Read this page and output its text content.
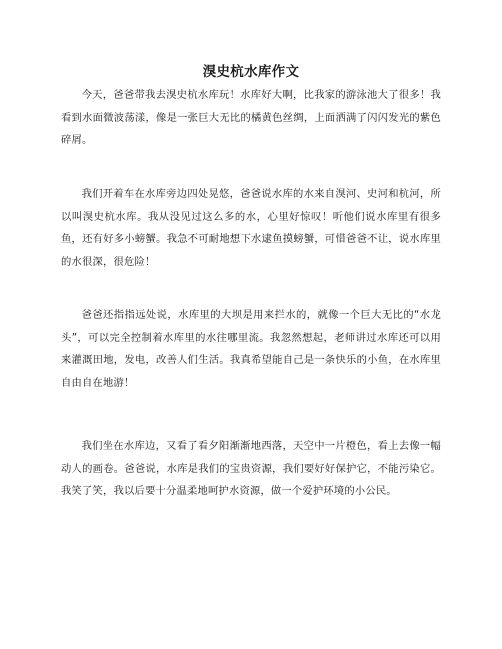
湨史杭水库作文

今天，爸爸带我去湨史杭水库玩！水库好大啊，比我家的游泳池大了很多！我看到水面微波荡漾，像是一张巨大无比的橘黄色丝绸，上面洒满了闪闪发光的紫色碎屑。

我们开着车在水库旁边四处晃悠，爸爸说水库的水来自湨河、史河和杭河，所以叫湨史杭水库。我从没见过这么多的水，心里好惊叹！听他们说水库里有很多鱼，还有好多小螃蟹。我急不可耐地想下水逮鱼摸螃蟹，可惜爸爸不让，说水库里的水很深，很危险！

爸爸还指指远处说，水库里的大坝是用来拦水的，就像一个巨大无比的“水龙头”，可以完全控制着水库里的水往哪里流。我忽然想起，老师讲过水库还可以用来灌溉田地，发电，改善人们生活。我真希望能自己是一条快乐的小鱼，在水库里自由自在地游！

我们坐在水库边，又看了看夕阳渐渐地西落，天空中一片橙色，看上去像一幅动人的画卷。爸爸说，水库是我们的宝贵资源，我们要好好保护它，不能污染它。我笑了笑，我以后要十分温柔地呵护水资源，做一个爱护环境的小公民。
